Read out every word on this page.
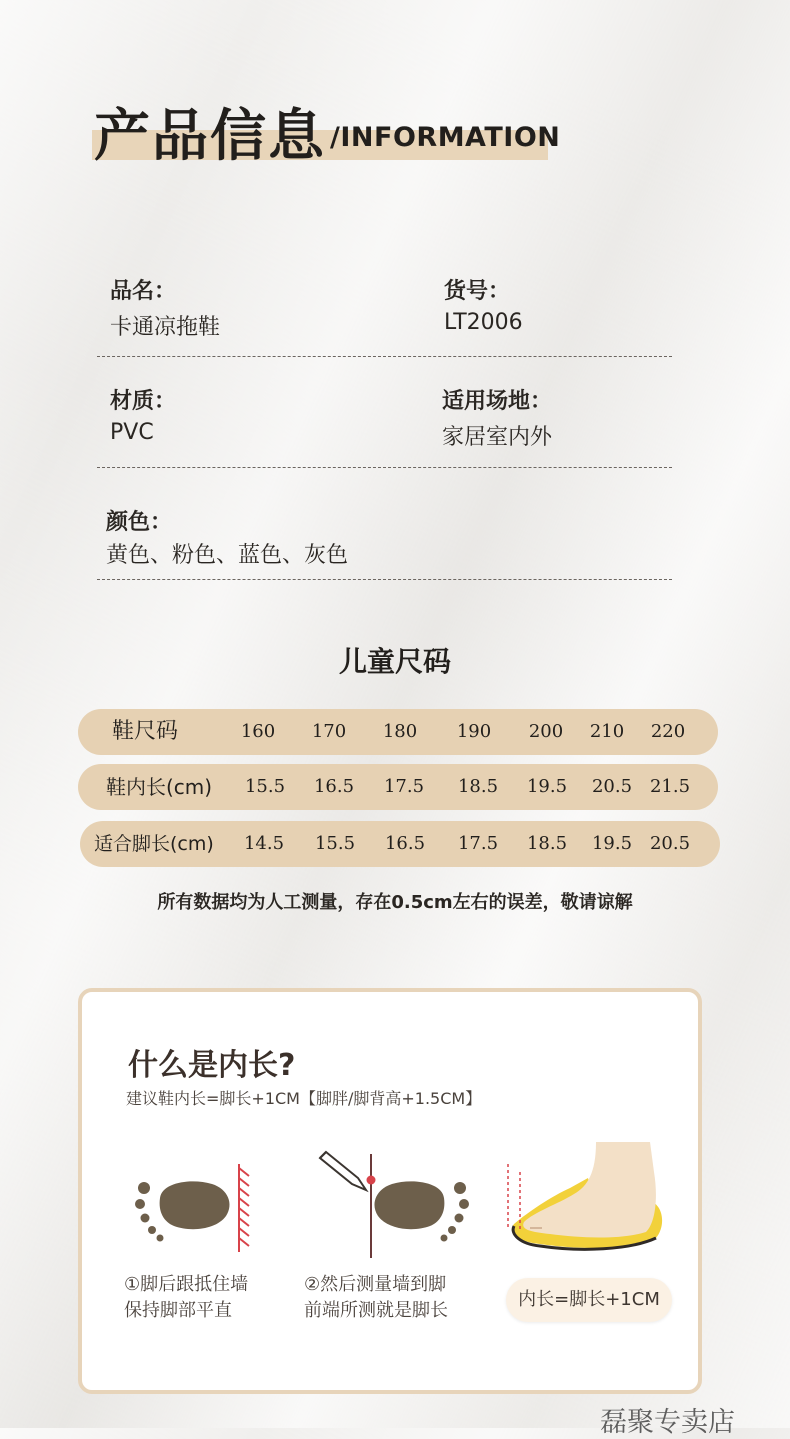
产品信息 /INFORMATION
品名：
卡通凉拖鞋
货号：
LT2006
材质：
PVC
适用场地：
家居室内外
颜色：
黄色、粉色、蓝色、灰色
儿童尺码
鞋尺码	160	170	180	190	200	210	220
鞋内长(cm)	15.5	16.5	17.5	18.5	19.5	20.5 21.5
适合脚长(cm)	14.5	15.5	16.5	17.5	18.5	19.5 20.5
所有数据均为人工测量，存在0.5cm左右的误差，敬请谅解
什么是内长?
建议鞋内长=脚长+1CM【脚胖/脚背高+1.5CM】
①脚后跟抵住墙
保持脚部平直
②然后测量墙到脚
前端所测就是脚长
内长=脚长+1CM
磊聚专卖店
